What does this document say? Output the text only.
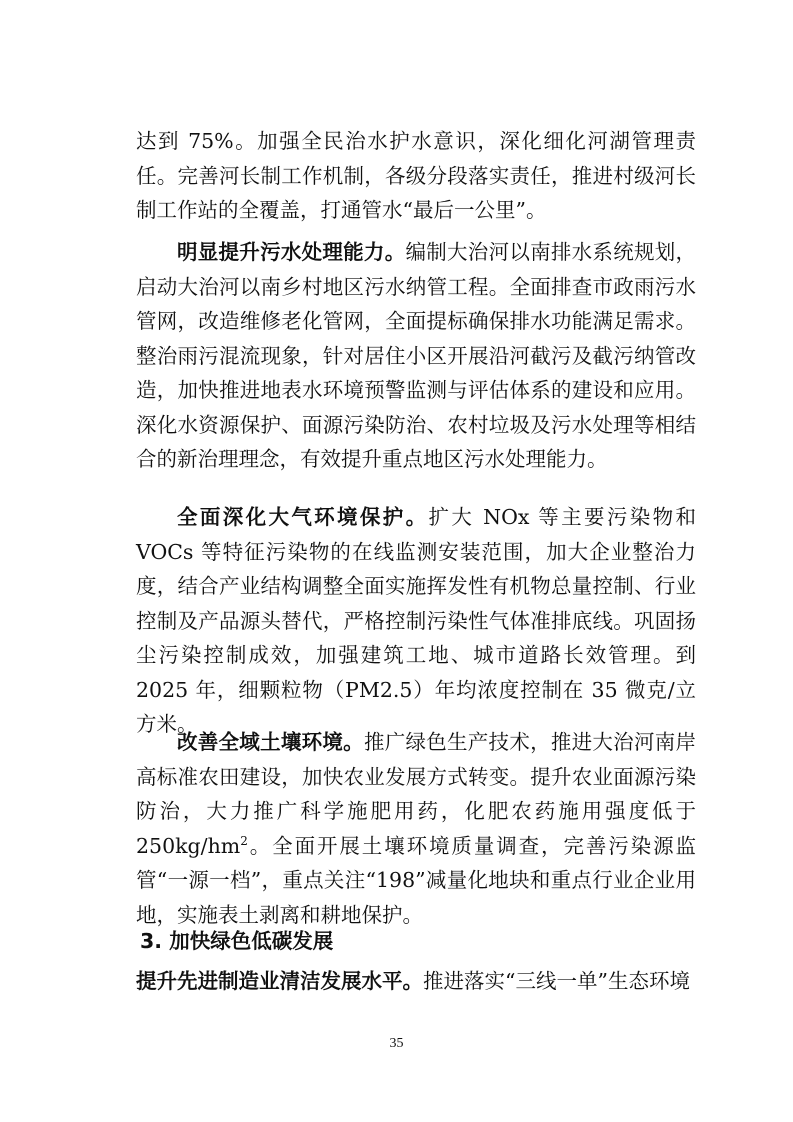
达到 75%。加强全民治水护水意识，深化细化河湖管理责任。完善河长制工作机制，各级分段落实责任，推进村级河长制工作站的全覆盖，打通管水“最后一公里”。

明显提升污水处理能力。编制大治河以南排水系统规划，启动大治河以南乡村地区污水纳管工程。全面排查市政雨污水管网，改造维修老化管网，全面提标确保排水功能满足需求。整治雨污混流现象，针对居住小区开展沿河截污及截污纳管改造，加快推进地表水环境预警监测与评估体系的建设和应用。深化水资源保护、面源污染防治、农村垃圾及污水处理等相结合的新治理理念，有效提升重点地区污水处理能力。

全面深化大气环境保护。扩大 NOx 等主要污染物和 VOCs 等特征污染物的在线监测安装范围，加大企业整治力度，结合产业结构调整全面实施挥发性有机物总量控制、行业控制及产品源头替代，严格控制污染性气体准排底线。巩固扬尘污染控制成效，加强建筑工地、城市道路长效管理。到 2025 年，细颗粒物（PM2.5）年均浓度控制在 35 微克/立方米。

改善全域土壤环境。推广绿色生产技术，推进大治河南岸高标准农田建设，加快农业发展方式转变。提升农业面源污染防治，大力推广科学施肥用药，化肥农药施用强度低于 $250kg/hm^2$。全面开展土壤环境质量调查，完善污染源监管“一源一档”，重点关注“198”减量化地块和重点行业企业用地，实施表土剥离和耕地保护。

3. 加快绿色低碳发展

提升先进制造业清洁发展水平。推进落实“三线一单”生态环境

35
